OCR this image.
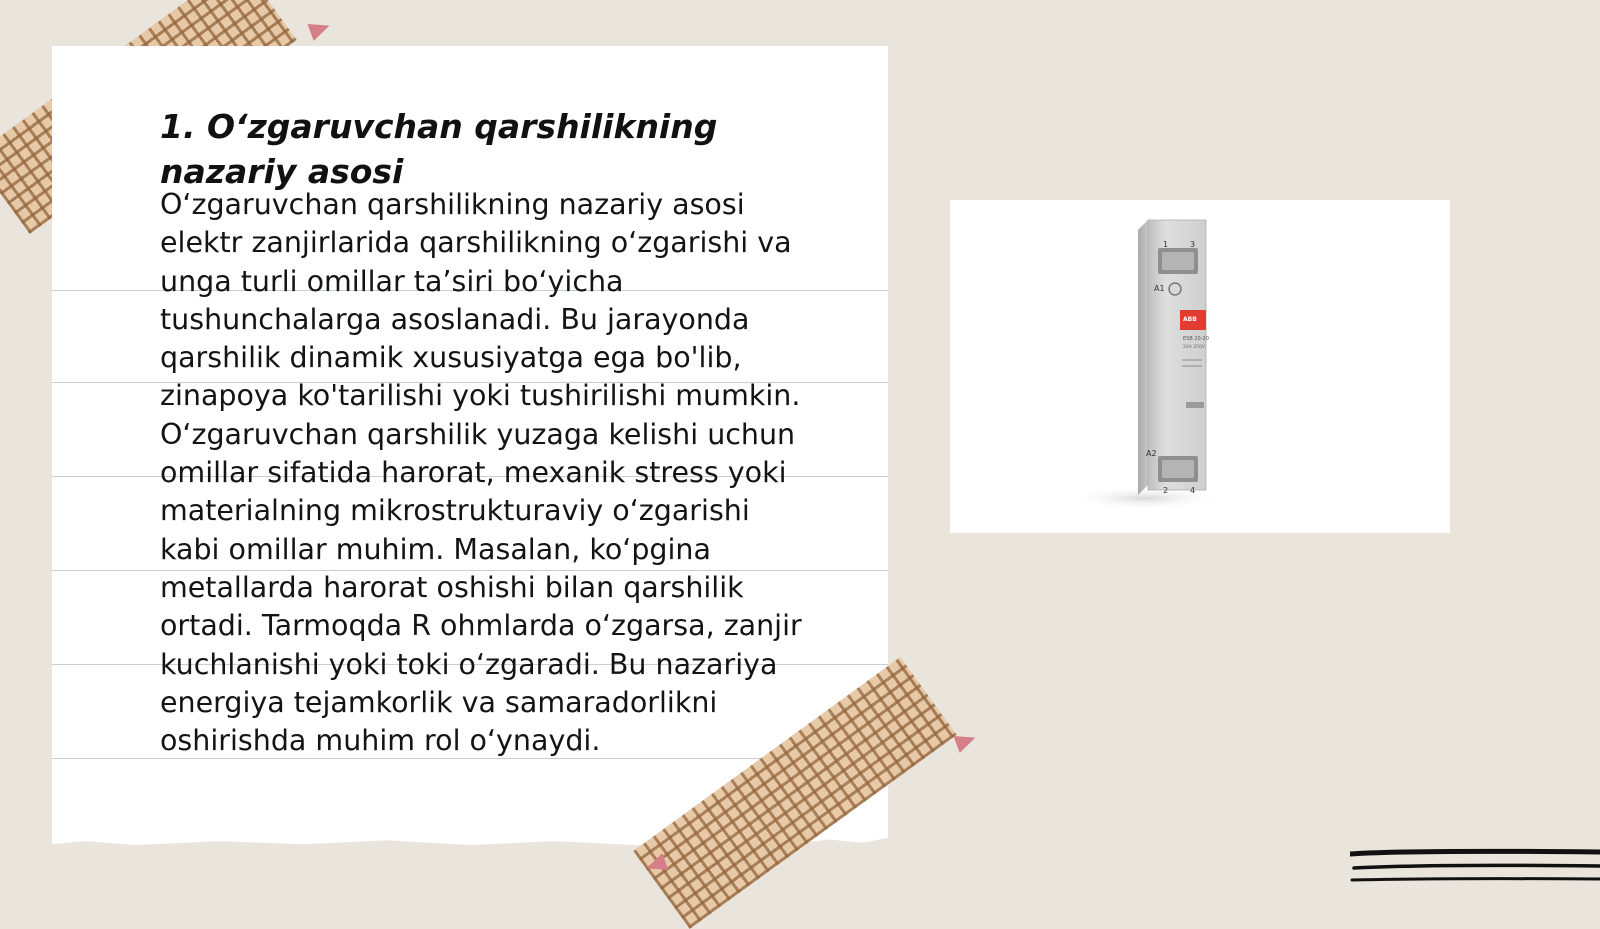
1. O‘zgaruvchan qarshilikning nazariy asosi

O‘zgaruvchan qarshilikning nazariy asosi
elektr zanjirlarida qarshilikning o‘zgarishi va
unga turli omillar ta’siri bo‘yicha
tushunchalarga asoslanadi. Bu jarayonda
qarshilik dinamik xususiyatga ega bo'lib,
zinapoya ko'tarilishi yoki tushirilishi mumkin.
O‘zgaruvchan qarshilik yuzaga kelishi uchun
omillar sifatida harorat, mexanik stress yoki
materialning mikrostrukturaviy o‘zgarishi
kabi omillar muhim. Masalan, ko‘pgina
metallarda harorat oshishi bilan qarshilik
ortadi. Tarmoqda R ohmlarda o‘zgarsa, zanjir
kuchlanishi yoki toki o‘zgaradi. Bu nazariya
energiya tejamkorlik va samaradorlikni
oshirishda muhim rol o‘ynaydi.

1	3
A1
ABB
ESB 20-20
20A 250V
A2
2	4
